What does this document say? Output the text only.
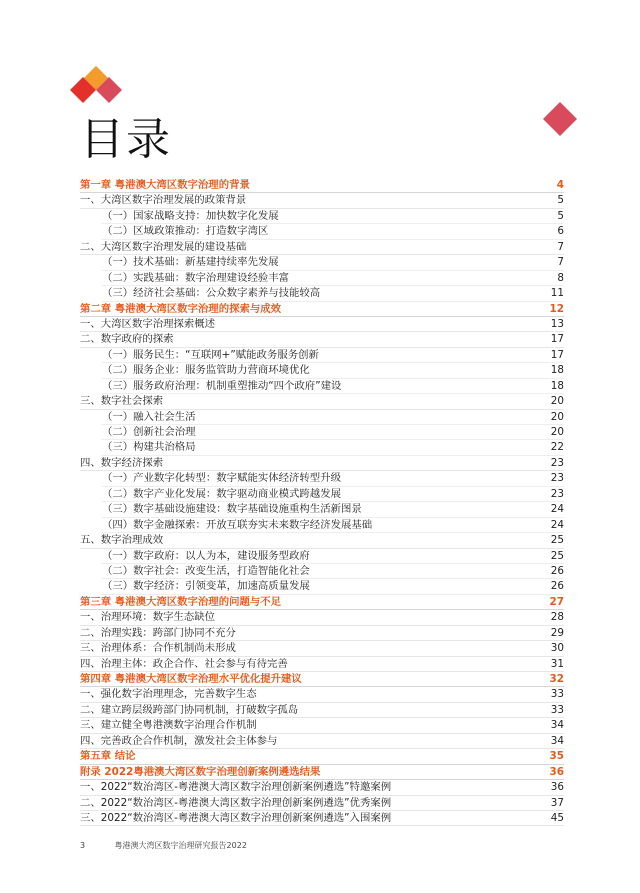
目录
第一章 粤港澳大湾区数字治理的背景	4
一、大湾区数字治理发展的政策背景	5
（一）国家战略支持：加快数字化发展	5
（二）区域政策推动：打造数字湾区	6
二、大湾区数字治理发展的建设基础	7
（一）技术基础：新基建持续率先发展	7
（二）实践基础：数字治理建设经验丰富	8
（三）经济社会基础：公众数字素养与技能较高	11
第二章 粤港澳大湾区数字治理的探索与成效	12
一、大湾区数字治理探索概述	13
二、数字政府的探索	17
（一）服务民生：“互联网+”赋能政务服务创新	17
（二）服务企业：服务监管助力营商环境优化	18
（三）服务政府治理：机制重塑推动“四个政府”建设	18
三、数字社会探索	20
（一）融入社会生活	20
（二）创新社会治理	20
（三）构建共治格局	22
四、数字经济探索	23
（一）产业数字化转型：数字赋能实体经济转型升级	23
（二）数字产业化发展：数字驱动商业模式跨越发展	23
（三）数字基础设施建设：数字基础设施重构生活新图景	24
（四）数字金融探索：开放互联夯实未来数字经济发展基础	24
五、数字治理成效	25
（一）数字政府：以人为本，建设服务型政府	25
（二）数字社会：改变生活，打造智能化社会	26
（三）数字经济：引领变革，加速高质量发展	26
第三章 粤港澳大湾区数字治理的问题与不足	27
一、治理环境：数字生态缺位	28
二、治理实践：跨部门协同不充分	29
三、治理体系：合作机制尚未形成	30
四、治理主体：政企合作、社会参与有待完善	31
第四章 粤港澳大湾区数字治理水平优化提升建议	32
一、强化数字治理理念，完善数字生态	33
二、建立跨层级跨部门协同机制，打破数字孤岛	33
三、建立健全粤港澳数字治理合作机制	34
四、完善政企合作机制，激发社会主体参与	34
第五章 结论	35
附录 2022粤港澳大湾区数字治理创新案例遴选结果	36
一、2022“数治湾区-粤港澳大湾区数字治理创新案例遴选”特邀案例	36
二、2022“数治湾区-粤港澳大湾区数字治理创新案例遴选”优秀案例	37
三、2022“数治湾区-粤港澳大湾区数字治理创新案例遴选”入围案例	45
3	粤港澳大湾区数字治理研究报告2022
